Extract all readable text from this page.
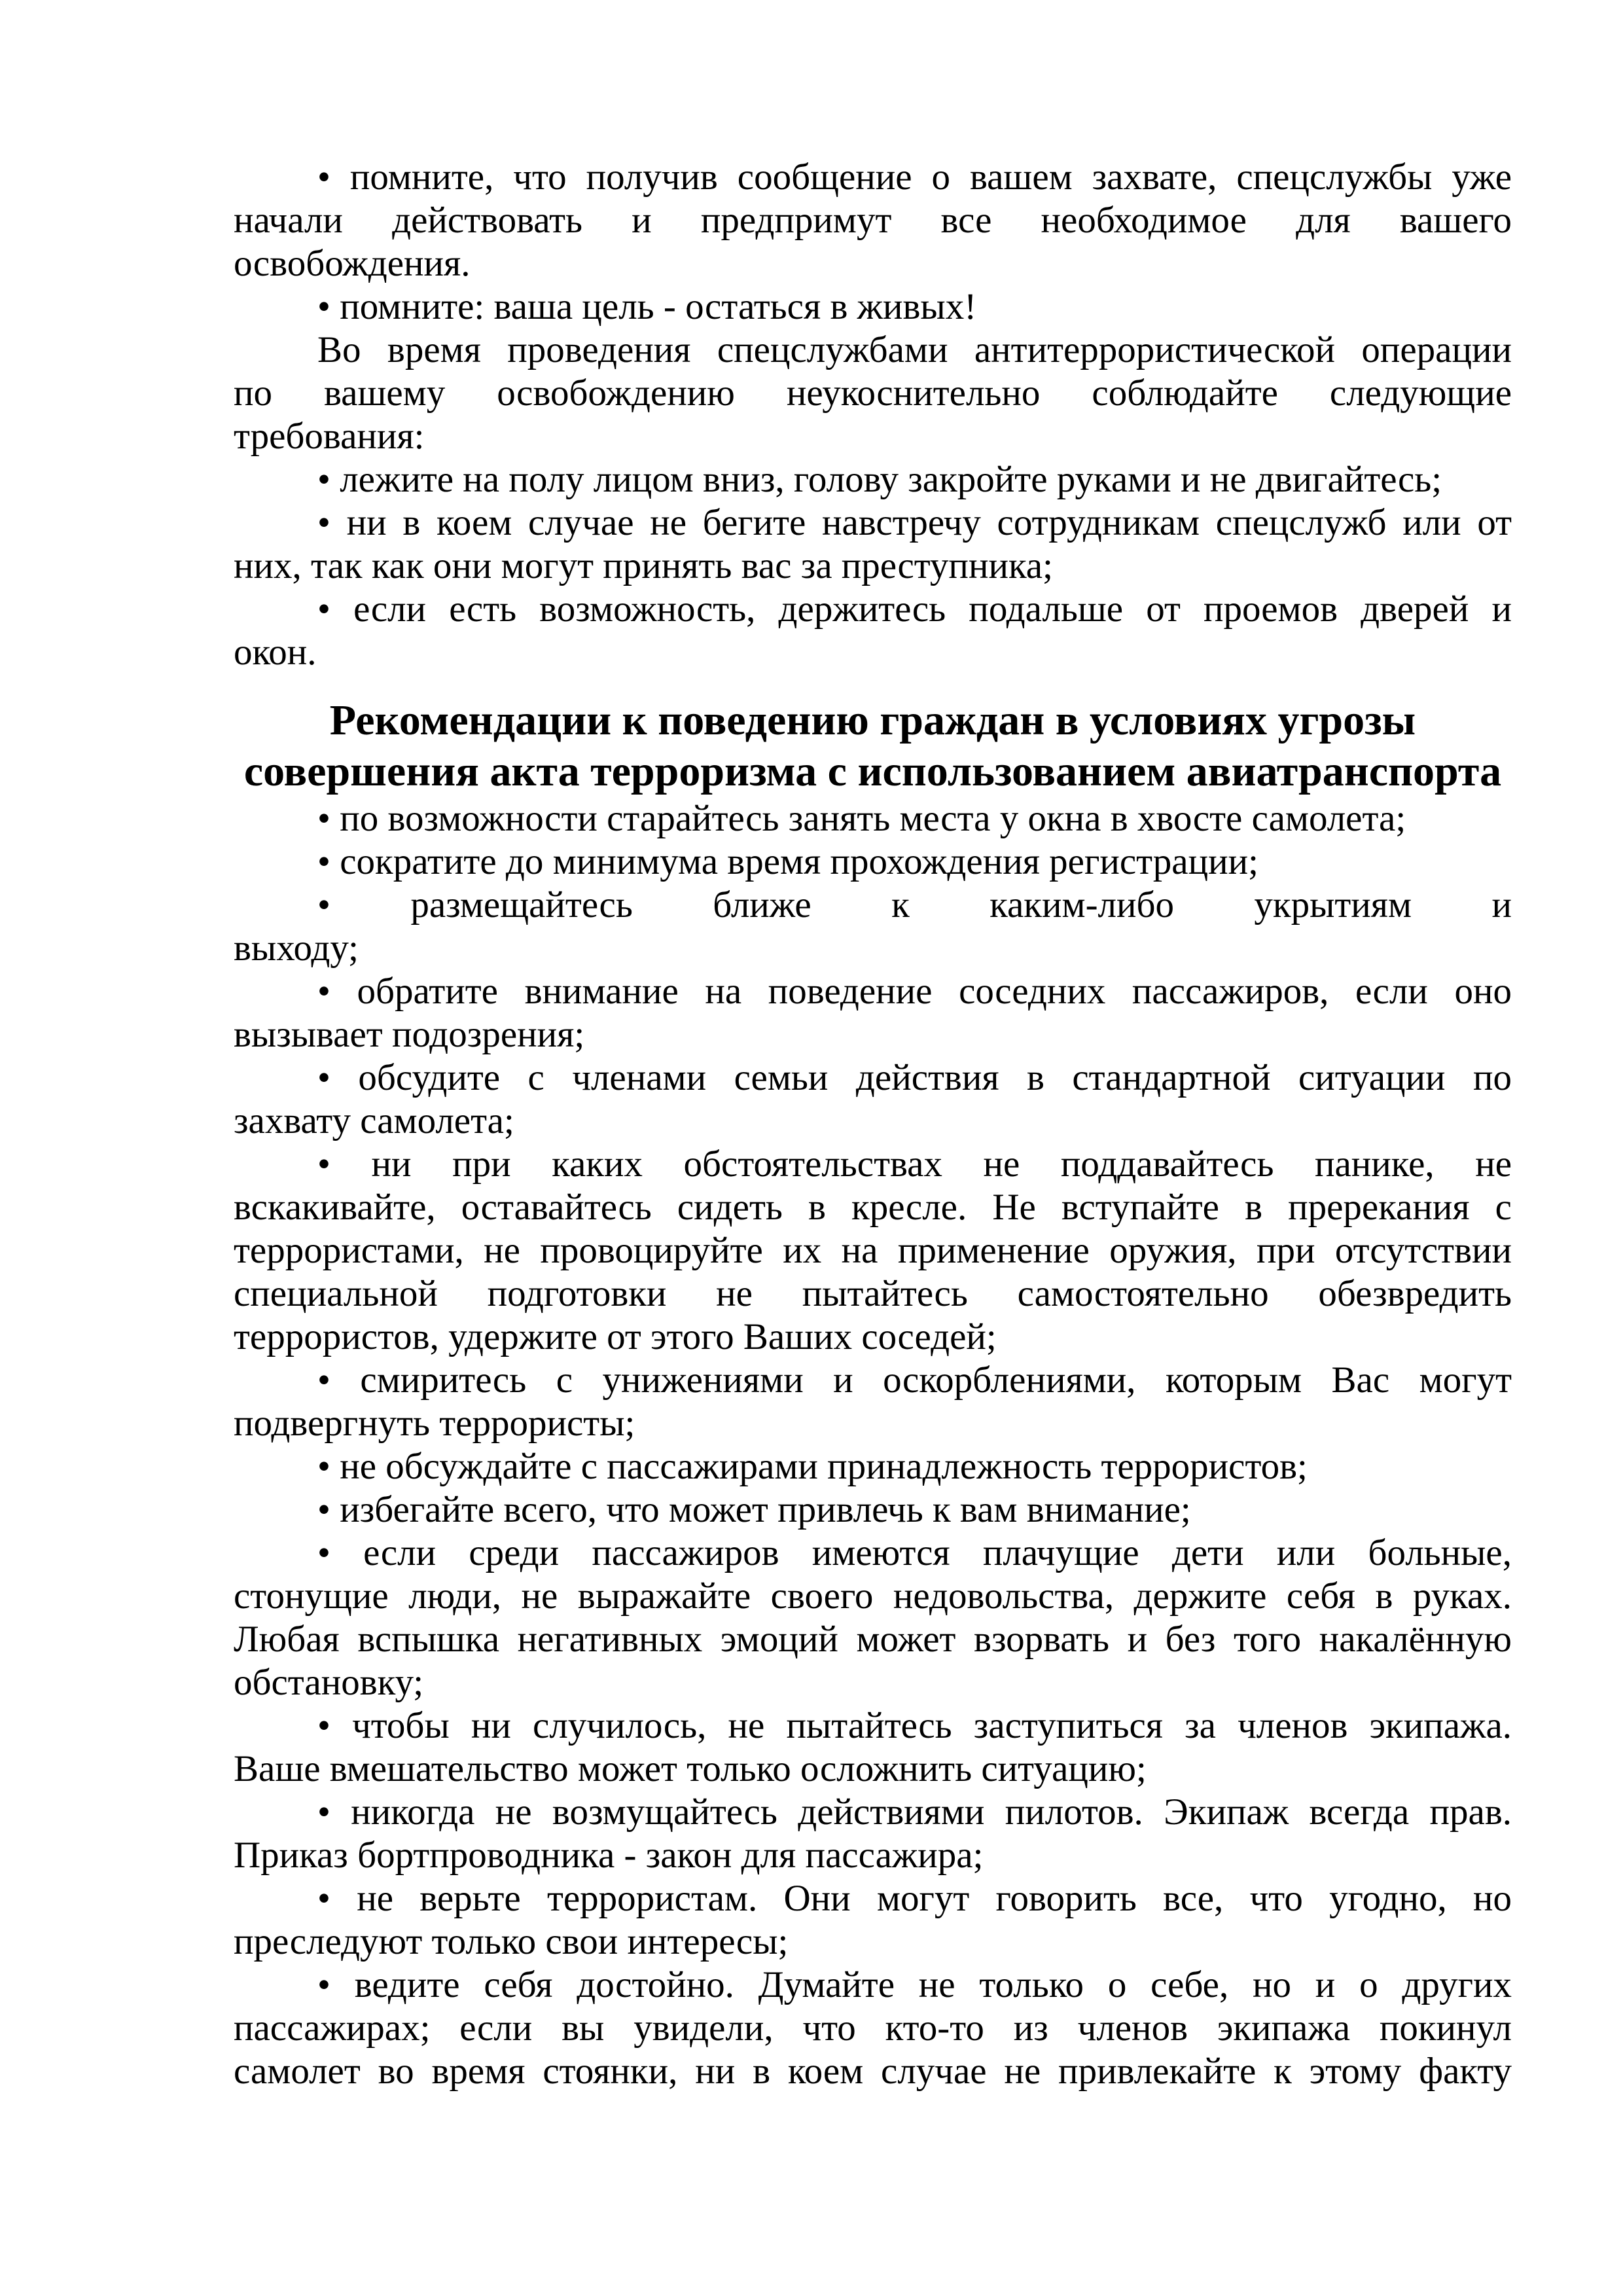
• помните, что получив сообщение о вашем захвате, спецслужбы уже
начали действовать и предпримут все необходимое для вашего
освобождения.
• помните: ваша цель - остаться в живых!
Во время проведения спецслужбами антитеррористической операции
по вашему освобождению неукоснительно соблюдайте следующие
требования:
• лежите на полу лицом вниз, голову закройте руками и не двигайтесь;
• ни в коем случае не бегите навстречу сотрудникам спецслужб или от
них, так как они могут принять вас за преступника;
• если есть возможность, держитесь подальше от проемов дверей и
окон.
Рекомендации к поведению граждан в условиях угрозы
совершения акта терроризма с использованием авиатранспорта
• по возможности старайтесь занять места у окна в хвосте самолета;
• сократите до минимума время прохождения регистрации;
• размещайтесь ближе к каким-либо укрытиям и
выходу;
• обратите внимание на поведение соседних пассажиров, если оно
вызывает подозрения;
• обсудите с членами семьи действия в стандартной ситуации по
захвату самолета;
• ни при каких обстоятельствах не поддавайтесь панике, не
вскакивайте, оставайтесь сидеть в кресле. Не вступайте в пререкания с
террористами, не провоцируйте их на применение оружия, при отсутствии
специальной подготовки не пытайтесь самостоятельно обезвредить
террористов, удержите от этого Ваших соседей;
• смиритесь с унижениями и оскорблениями, которым Вас могут
подвергнуть террористы;
• не обсуждайте с пассажирами принадлежность террористов;
• избегайте всего, что может привлечь к вам внимание;
• если среди пассажиров имеются плачущие дети или больные,
стонущие люди, не выражайте своего недовольства, держите себя в руках.
Любая вспышка негативных эмоций может взорвать и без того накалённую
обстановку;
• чтобы ни случилось, не пытайтесь заступиться за членов экипажа.
Ваше вмешательство может только осложнить ситуацию;
• никогда не возмущайтесь действиями пилотов. Экипаж всегда прав.
Приказ бортпроводника - закон для пассажира;
• не верьте террористам. Они могут говорить все, что угодно, но
преследуют только свои интересы;
• ведите себя достойно. Думайте не только о себе, но и о других
пассажирах; если вы увидели, что кто-то из членов экипажа покинул
самолет во время стоянки, ни в коем случае не привлекайте к этому факту
